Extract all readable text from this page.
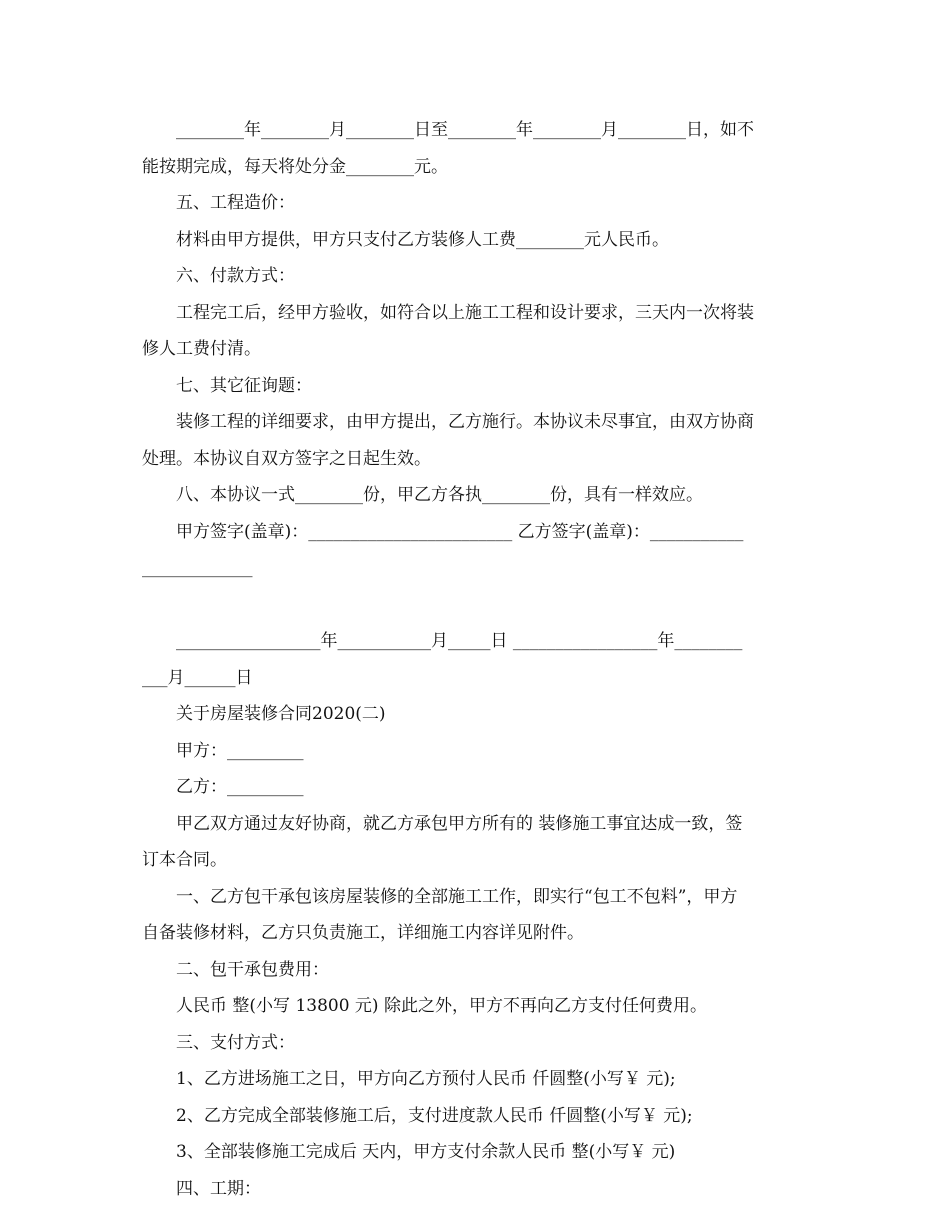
　　________年________月________日至________年________月________日，如不
能按期完成，每天将处分金________元。
五、工程造价：
材料由甲方提供，甲方只支付乙方装修人工费________元人民币。
六、付款方式：
工程完工后，经甲方验收，如符合以上施工工程和设计要求，三天内一次将装
修人工费付清。
七、其它征询题：
装修工程的详细要求，由甲方提出，乙方施行。本协议未尽事宜，由双方协商
处理。本协议自双方签字之日起生效。
八、本协议一式________份，甲乙方各执________份，具有一样效应。
甲方签字(盖章)：________________________ 乙方签字(盖章)：___________
_____________
_________________年___________月_____日 _________________年________
___月______日
关于房屋装修合同2020(二)
甲方：_________
乙方：_________
甲乙双方通过友好协商，就乙方承包甲方所有的 装修施工事宜达成一致，签
订本合同。
一、乙方包干承包该房屋装修的全部施工工作，即实行“包工不包料”，甲方
自备装修材料，乙方只负责施工，详细施工内容详见附件。
二、包干承包费用：
人民币 整(小写 13800 元) 除此之外，甲方不再向乙方支付任何费用。
三、支付方式：
1、乙方进场施工之日，甲方向乙方预付人民币 仟圆整(小写￥ 元);
2、乙方完成全部装修施工后，支付进度款人民币 仟圆整(小写￥ 元);
3、全部装修施工完成后 天内，甲方支付余款人民币 整(小写￥ 元)
四、工期：
